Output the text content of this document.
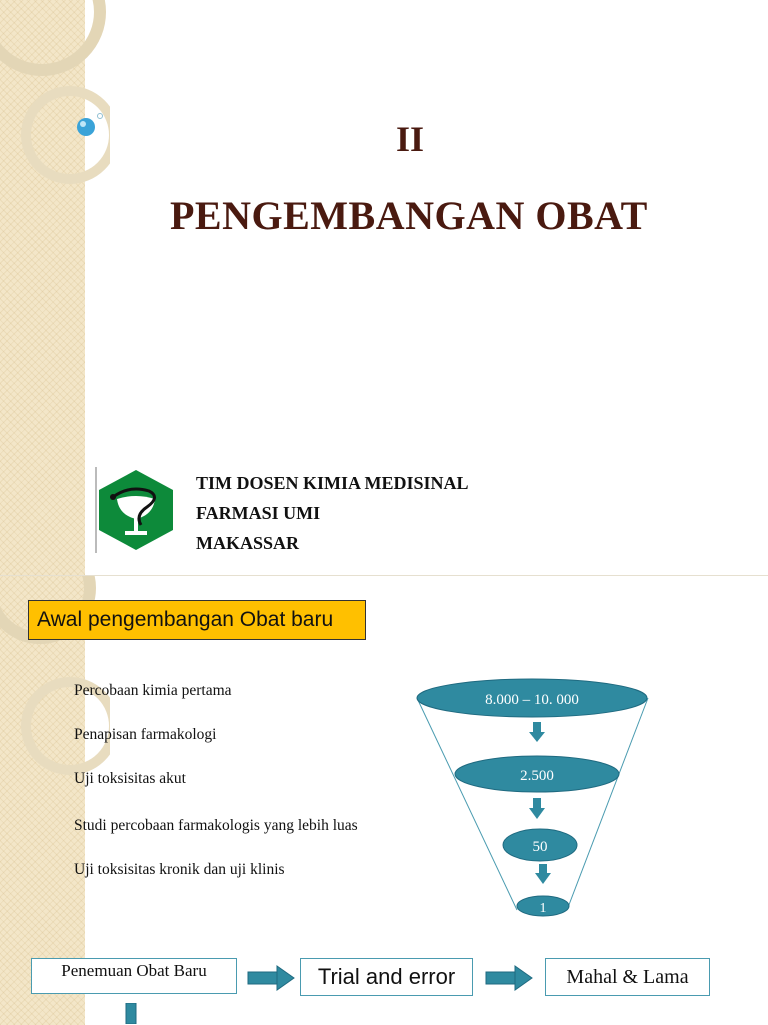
II
PENGEMBANGAN OBAT
TIM DOSEN KIMIA MEDISINAL
FARMASI UMI
MAKASSAR
Awal pengembangan Obat baru
Percobaan kimia pertama
Penapisan farmakologi
Uji toksisitas akut
Studi percobaan farmakologis yang lebih luas
Uji toksisitas kronik dan uji klinis
8.000 – 10. 000
2.500
50
1
Penemuan Obat Baru	Trial and error	Mahal & Lama
